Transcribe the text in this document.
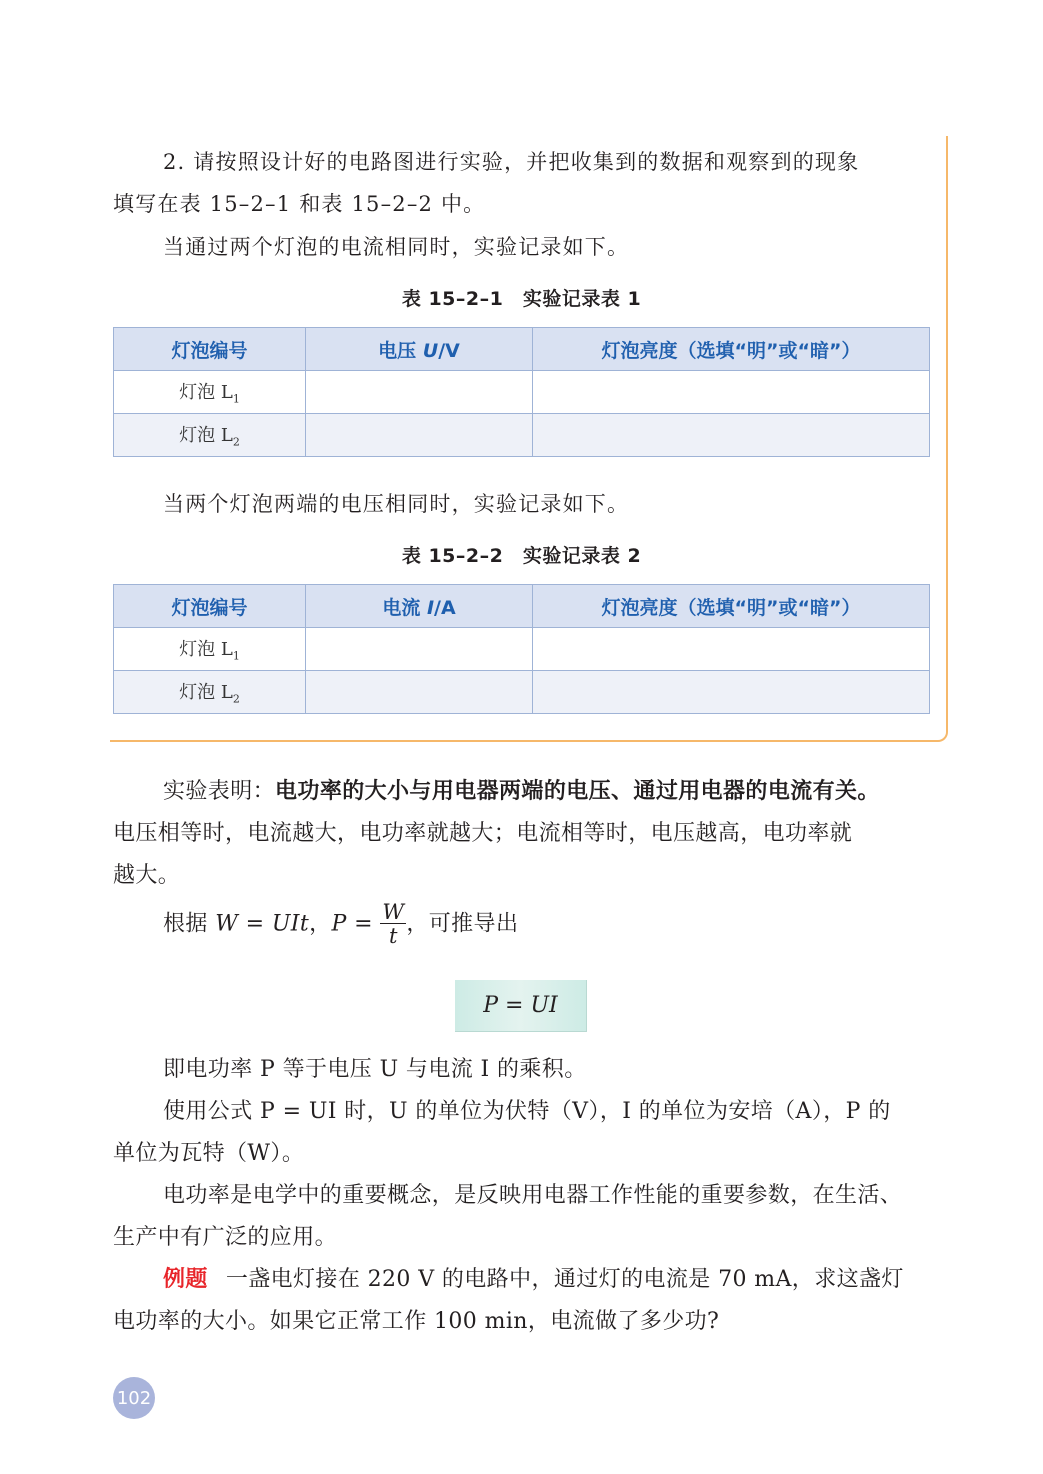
2. 请按照设计好的电路图进行实验，并把收集到的数据和观察到的现象
填写在表 15–2–1 和表 15–2–2 中。
当通过两个灯泡的电流相同时，实验记录如下。
表 15–2–1　实验记录表 1
灯泡编号	电压 U/V	灯泡亮度（选填“明”或“暗”）
灯泡 $L_1$		
灯泡 $L_2$		
当两个灯泡两端的电压相同时，实验记录如下。
表 15–2–2　实验记录表 2
灯泡编号	电流 I/A	灯泡亮度（选填“明”或“暗”）
灯泡 $L_1$		
灯泡 $L_2$		
实验表明：电功率的大小与用电器两端的电压、通过用电器的电流有关。
电压相等时，电流越大，电功率就越大；电流相等时，电压越高，电功率就
越大。
根据 W = UIt，$P = \frac{W}{t}$ ，可推导出
P = UI
即电功率 P 等于电压 U 与电流 I 的乘积。
使用公式 P = UI 时，U 的单位为伏特（V），I 的单位为安培（A），P 的
单位为瓦特（W）。
电功率是电学中的重要概念，是反映用电器工作性能的重要参数，在生活、
生产中有广泛的应用。
例题 一盏电灯接在 220 V 的电路中，通过灯的电流是 70 mA，求这盏灯
电功率的大小。如果它正常工作 100 min，电流做了多少功?
102
